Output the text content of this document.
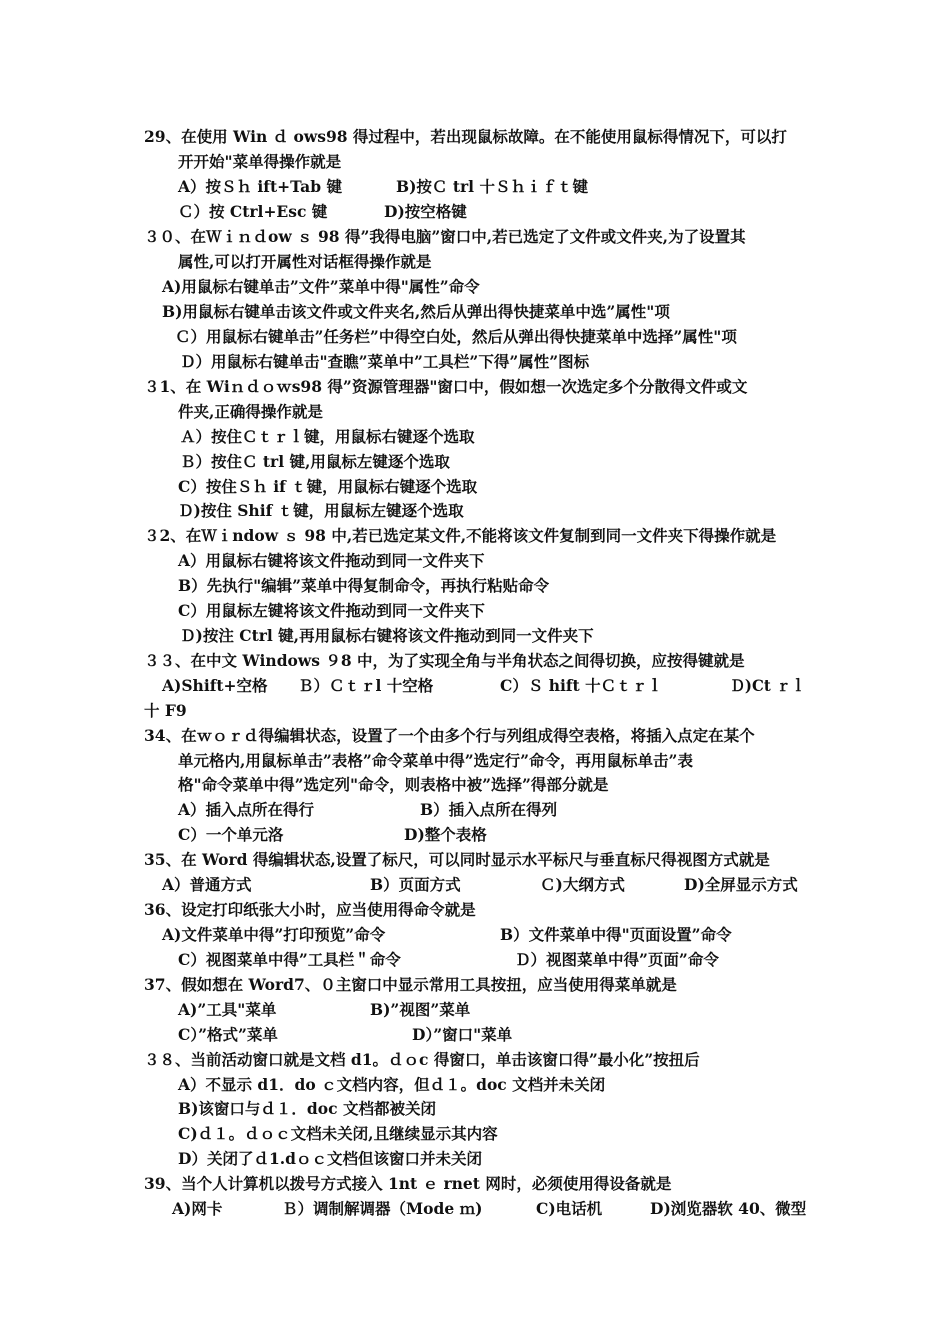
29、在使用 Win ｄ ows98 得过程中，若出现鼠标故障。在不能使用鼠标得情况下，可以打
开开始"菜单得操作就是
A）按Ｓｈ ift+Tab 键	B)按Ｃ trl 十Ｓｈｉｆｔ键
Ｃ）按 Ctrl+Esc 键	D)按空格键
３０、在Ｗｉｎｄow ｓ 98 得”我得电脑”窗口中,若已选定了文件或文件夹,为了设置其
属性,可以打开属性对话框得操作就是
A)用鼠标右键单击”文件”菜单中得"属性”命令
B)用鼠标右键单击该文件或文件夹名,然后从弹出得快捷菜单中选”属性"项
Ｃ）用鼠标右键单击”任务栏”中得空白处，然后从弹出得快捷菜单中选择”属性"项
Ｄ）用鼠标右键单击"查瞧”菜单中”工具栏”下得”属性”图标
３1、在 Wiｎｄｏｗs98 得”资源管理器"窗口中，假如想一次选定多个分散得文件或文
件夹,正确得操作就是
Ａ）按住Ｃｔｒｌ键，用鼠标右键逐个选取
Ｂ）按住Ｃ trl 键,用鼠标左键逐个选取
C）按住Ｓｈ if ｔ键，用鼠标右键逐个选取
Ｄ)按住 Shif ｔ键，用鼠标左键逐个选取
３2、在Ｗｉndow ｓ 98 中,若已选定某文件,不能将该文件复制到同一文件夹下得操作就是
A）用鼠标右键将该文件拖动到同一文件夹下
B）先执行"编辑”菜单中得复制命令，再执行粘贴命令
C）用鼠标左键将该文件拖动到同一文件夹下
Ｄ)按注 Ctrl 键,再用鼠标右键将该文件拖动到同一文件夹下
３３、在中文 Windows ９8 中，为了实现全角与半角状态之间得切换，应按得键就是
A)Shift+空格 Ｂ）Ｃｔｒl 十空格	C）Ｓ hift 十Ｃｔｒｌ	Ｄ)Ct ｒｌ
十 F9
34、在ｗｏｒｄ得编辑状态，设置了一个由多个行与列组成得空表格，将插入点定在某个
单元格内,用鼠标单击”表格”命令菜单中得”选定行”命令，再用鼠标单击”表
格"命令菜单中得”选定列"命令，则表格中被”选择”得部分就是
A）插入点所在得行	B）插入点所在得列
C）一个单元洛	D)整个表格
35、在 Word 得编辑状态,设置了标尺，可以同时显示水平标尺与垂直标尺得视图方式就是
A）普通方式	B）页面方式	Ｃ)大纲方式	D)全屏显示方式
36、设定打印纸张大小时，应当使用得命令就是
A)文件菜单中得”打印预览”命令	B）文件菜单中得"页面设置”命令
C）视图菜单中得”工具栏＂命令	Ｄ）视图菜单中得”页面”命令
37、假如想在 Word7、０主窗口中显示常用工具按扭，应当使用得菜单就是
A)”工具"菜单	B)”视图”菜单
C）”格式”菜单	D）”窗口"菜单
３８、当前活动窗口就是文档 d1。ｄｏc 得窗口，单击该窗口得”最小化”按扭后
A）不显示 d1．do ｃ文档内容，但ｄ１。doc 文档并未关闭
B)该窗口与ｄ１．doc 文档都被关闭
C)ｄ１。ｄｏｃ文档未关闭,且继续显示其内容
D）关闭了ｄ1.dｏｃ文档但该窗口并未关闭
39、当个人计算机以拨号方式接入 1nt ｅ rnet 网时，必须使用得设备就是
A)网卡	Ｂ）调制解调器（Mode ｍ)	C)电话机	D)浏览器软 40、微型
